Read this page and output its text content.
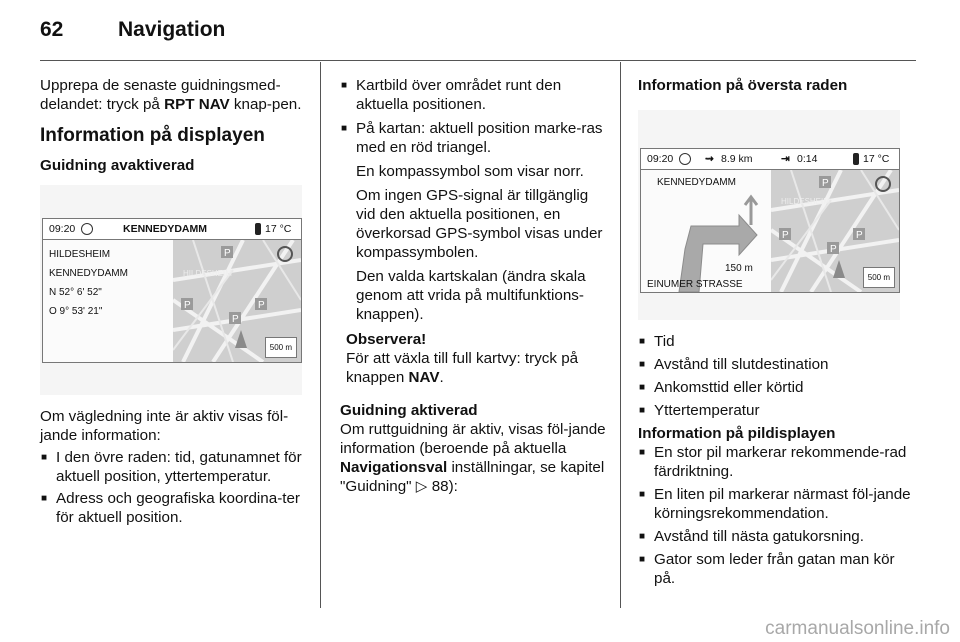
62	Navigation

Upprepa de senaste guidningsmed-delandet: tryck på RPT NAV knap-pen.

Information på displayen
Guidning avaktiverad
09:20	KENNEDYDAMM	17 °C
HILDESHEIM
KENNEDYDAMM
N 52° 6' 52"
O 9° 53' 21"
P
P
P
P
HILDESHEIM
500 m

Om vägledning inte är aktiv visas föl-jande information:

■ I den övre raden: tid, gatunamnet för aktuell position, yttertemperatur.

■ Adress och geografiska koordina-ter för aktuell position.

■ Kartbild över området runt den aktuella positionen.

■ På kartan: aktuell position marke-ras med en röd triangel.

En kompassymbol som visar norr.

Om ingen GPS-signal är tillgänglig vid den aktuella positionen, en överkorsad GPS-symbol visas under kompassymbolen.

Den valda kartskalan (ändra skala genom att vrida på multifunktions-knappen).

Observera!

För att växla till full kartvy: tryck på knappen NAV.

Guidning aktiverad

Om ruttguidning är aktiv, visas föl-jande information (beroende på aktuella Navigationsval inställningar, se kapitel "Guidning" ▷ 88):

Information på översta raden
09:20	⇝ 8.9 km	⇥ 0:14	17 °C
KENNEDYDAMM
150 m
EINUMER STRASSE
P
P
P
P
HILDESHEIM
500 m

■ Tid

■ Avstånd till slutdestination

■ Ankomsttid eller körtid

■ Yttertemperatur

Information på pildisplayen

■ En stor pil markerar rekommende-rad färdriktning.

■ En liten pil markerar närmast föl-jande körningsrekommendation.

■ Avstånd till nästa gatukorsning.

■ Gator som leder från gatan man kör på.

carmanualsonline.info
